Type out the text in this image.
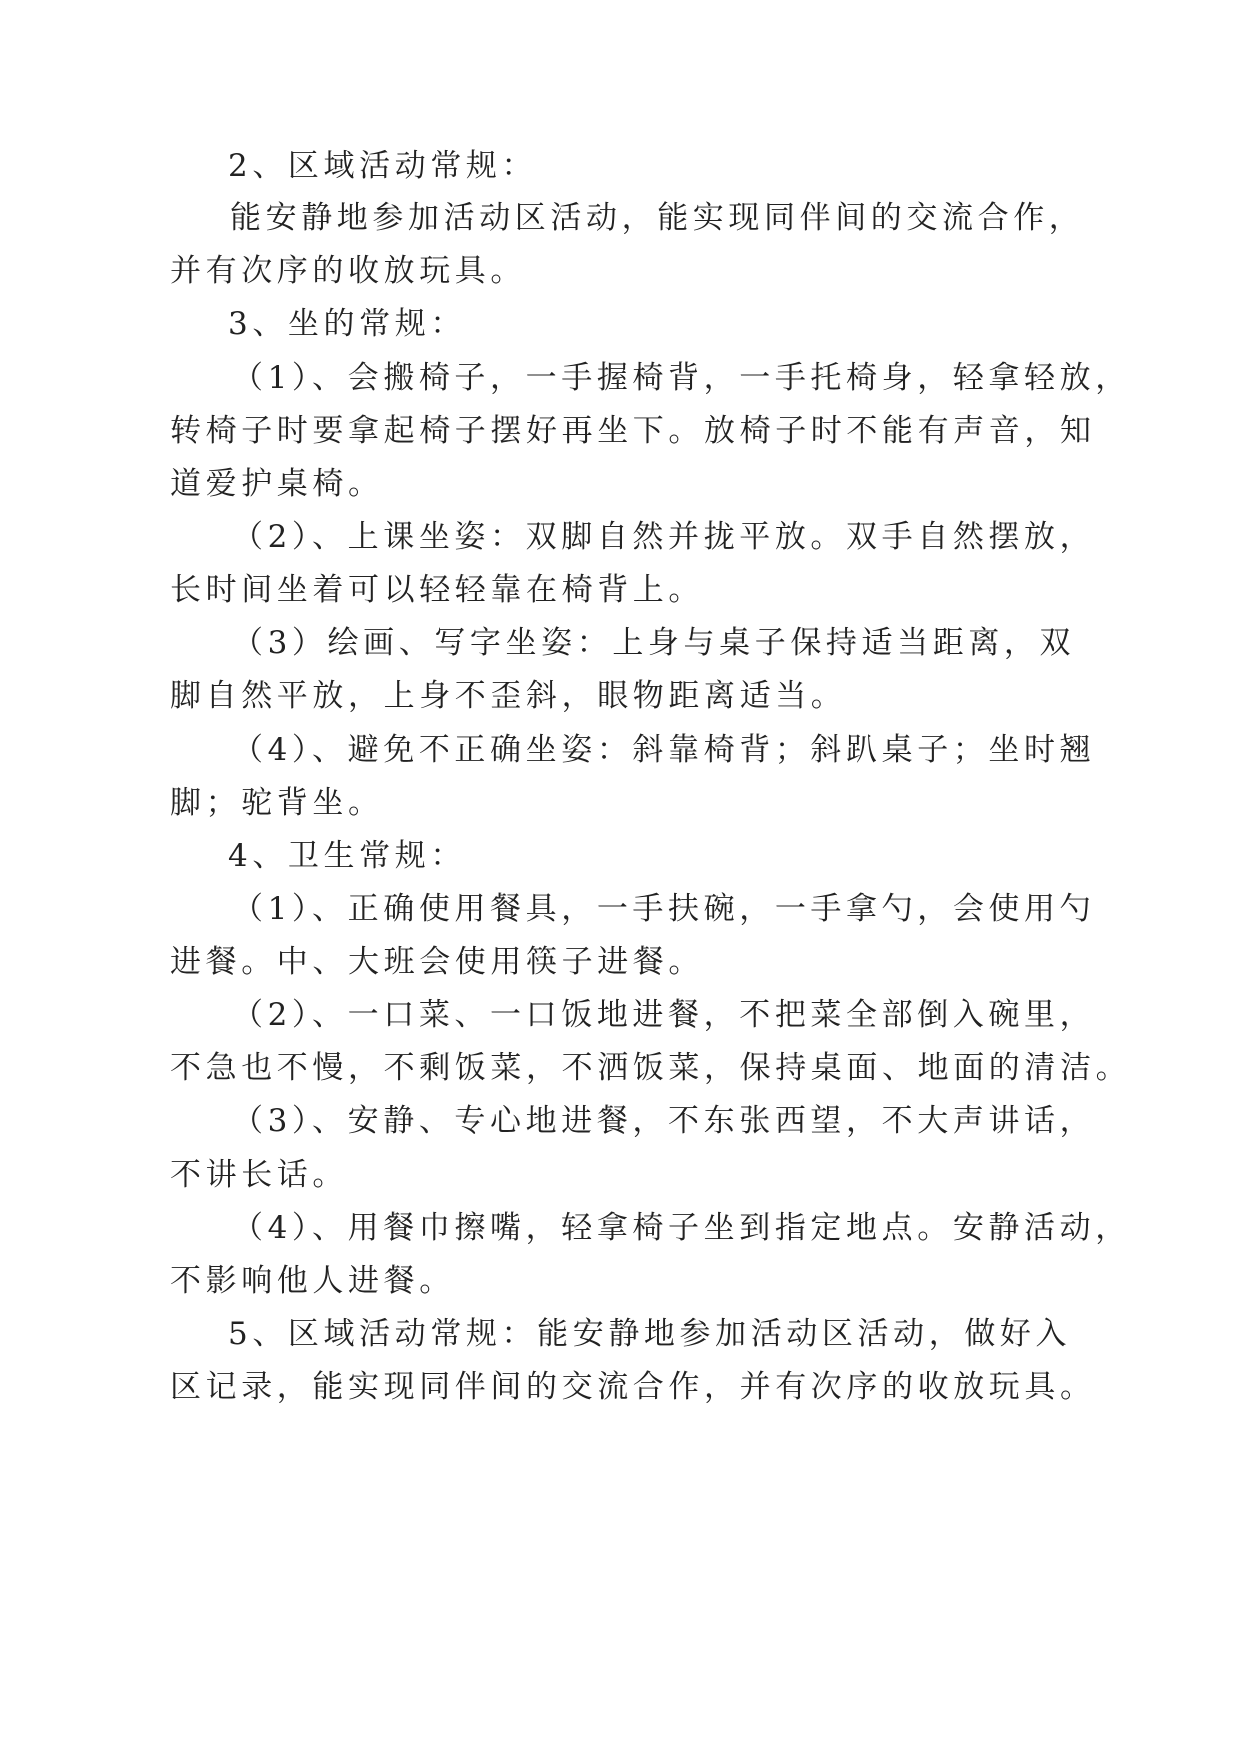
2、区域活动常规：
能安静地参加活动区活动，能实现同伴间的交流合作，
并有次序的收放玩具。
3、坐的常规：
（1）、会搬椅子，一手握椅背，一手托椅身，轻拿轻放，
转椅子时要拿起椅子摆好再坐下。放椅子时不能有声音，知
道爱护桌椅。
（2）、上课坐姿：双脚自然并拢平放。双手自然摆放，
长时间坐着可以轻轻靠在椅背上。
（3）绘画、写字坐姿：上身与桌子保持适当距离，双
脚自然平放，上身不歪斜，眼物距离适当。
（4）、避免不正确坐姿：斜靠椅背；斜趴桌子；坐时翘
脚；驼背坐。
4、卫生常规：
（1）、正确使用餐具，一手扶碗，一手拿勺，会使用勺
进餐。中、大班会使用筷子进餐。
（2）、一口菜、一口饭地进餐，不把菜全部倒入碗里，
不急也不慢，不剩饭菜，不洒饭菜，保持桌面、地面的清洁。
（3）、安静、专心地进餐，不东张西望，不大声讲话，
不讲长话。
（4）、用餐巾擦嘴，轻拿椅子坐到指定地点。安静活动，
不影响他人进餐。
5、区域活动常规：能安静地参加活动区活动，做好入
区记录，能实现同伴间的交流合作，并有次序的收放玩具。
